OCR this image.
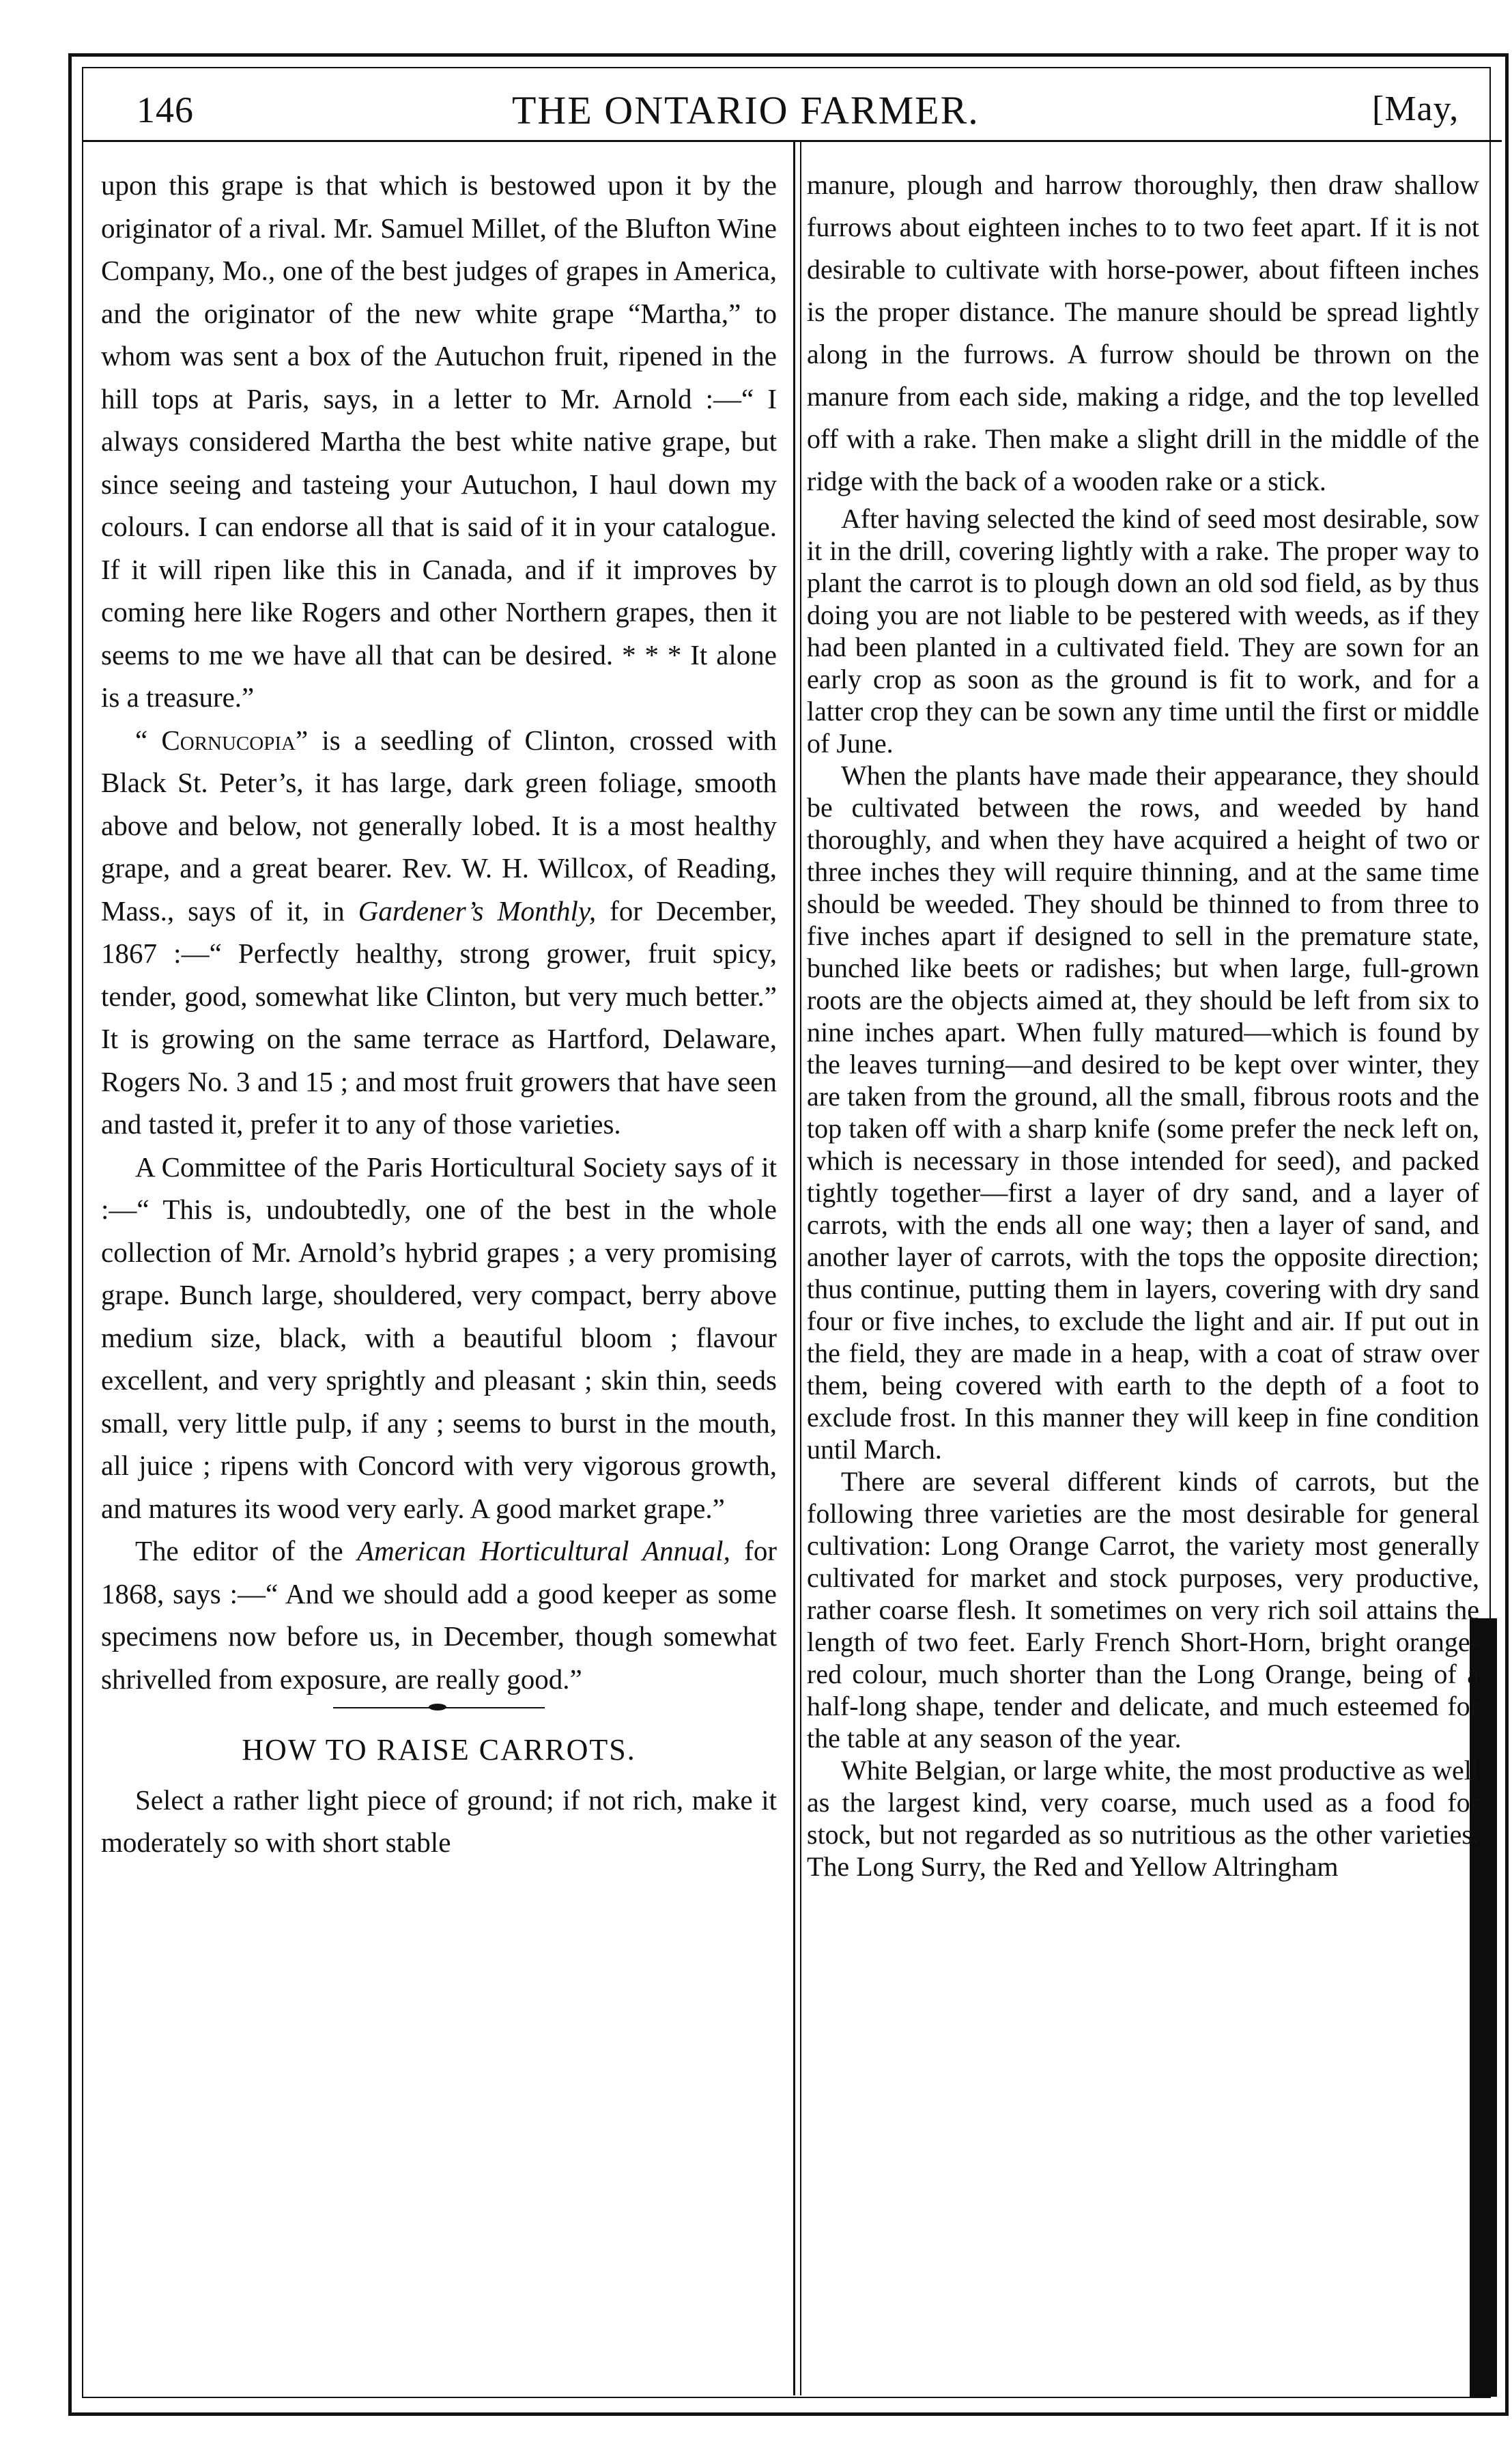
146	THE ONTARIO FARMER.	[May,

upon this grape is that which is bestowed upon it by the originator of a rival. Mr. Samuel Millet, of the Blufton Wine Company, Mo., one of the best judges of grapes in America, and the originator of the new white grape “Martha,” to whom was sent a box of the Autuchon fruit, ripened in the hill tops at Paris, says, in a letter to Mr. Arnold :—“ I always considered Martha the best white native grape, but since seeing and tasteing your Autuchon, I haul down my colours. I can endorse all that is said of it in your catalogue. If it will ripen like this in Canada, and if it improves by coming here like Rogers and other Northern grapes, then it seems to me we have all that can be desired. * * * It alone is a treasure.”

“ Cornucopia” is a seedling of Clinton, crossed with Black St. Peter’s, it has large, dark green foliage, smooth above and below, not generally lobed. It is a most healthy grape, and a great bearer. Rev. W. H. Willcox, of Reading, Mass., says of it, in Gardener’s Monthly, for December, 1867 :—“ Perfectly healthy, strong grower, fruit spicy, tender, good, somewhat like Clinton, but very much better.” It is growing on the same terrace as Hartford, Delaware, Rogers No. 3 and 15 ; and most fruit growers that have seen and tasted it, prefer it to any of those varieties.

A Committee of the Paris Horticultural Society says of it :—“ This is, undoubtedly, one of the best in the whole collection of Mr. Arnold’s hybrid grapes ; a very promising grape. Bunch large, shouldered, very compact, berry above medium size, black, with a beautiful bloom ; flavour excellent, and very sprightly and pleasant ; skin thin, seeds small, very little pulp, if any ; seems to burst in the mouth, all juice ; ripens with Concord with very vigorous growth, and matures its wood very early. A good market grape.”

The editor of the American Horticultural Annual, for 1868, says :—“ And we should add a good keeper as some specimens now before us, in December, though somewhat shrivelled from exposure, are really good.”

HOW TO RAISE CARROTS.

Select a rather light piece of ground; if not rich, make it moderately so with short stable

manure, plough and harrow thoroughly, then draw shallow furrows about eighteen inches to to two feet apart. If it is not desirable to cultivate with horse-power, about fifteen inches is the proper distance. The manure should be spread lightly along in the furrows. A furrow should be thrown on the manure from each side, making a ridge, and the top levelled off with a rake. Then make a slight drill in the middle of the ridge with the back of a wooden rake or a stick.

After having selected the kind of seed most desirable, sow it in the drill, covering lightly with a rake. The proper way to plant the carrot is to plough down an old sod field, as by thus doing you are not liable to be pestered with weeds, as if they had been planted in a cultivated field. They are sown for an early crop as soon as the ground is fit to work, and for a latter crop they can be sown any time until the first or middle of June.

When the plants have made their appearance, they should be cultivated between the rows, and weeded by hand thoroughly, and when they have acquired a height of two or three inches they will require thinning, and at the same time should be weeded. They should be thinned to from three to five inches apart if designed to sell in the premature state, bunched like beets or radishes; but when large, full-grown roots are the objects aimed at, they should be left from six to nine inches apart. When fully matured—which is found by the leaves turning—and desired to be kept over winter, they are taken from the ground, all the small, fibrous roots and the top taken off with a sharp knife (some prefer the neck left on, which is necessary in those intended for seed), and packed tightly together—first a layer of dry sand, and a layer of carrots, with the ends all one way; then a layer of sand, and another layer of carrots, with the tops the opposite direction; thus continue, putting them in layers, covering with dry sand four or five inches, to exclude the light and air. If put out in the field, they are made in a heap, with a coat of straw over them, being covered with earth to the depth of a foot to exclude frost. In this manner they will keep in fine condition until March.

There are several different kinds of carrots, but the following three varieties are the most desirable for general cultivation: Long Orange Carrot, the variety most generally cultivated for market and stock purposes, very productive, rather coarse flesh. It sometimes on very rich soil attains the length of two feet. Early French Short-Horn, bright orange-red colour, much shorter than the Long Orange, being of a half-long shape, tender and delicate, and much esteemed for the table at any season of the year.

White Belgian, or large white, the most productive as well as the largest kind, very coarse, much used as a food for stock, but not regarded as so nutritious as the other varieties. The Long Surry, the Red and Yellow Altringham
